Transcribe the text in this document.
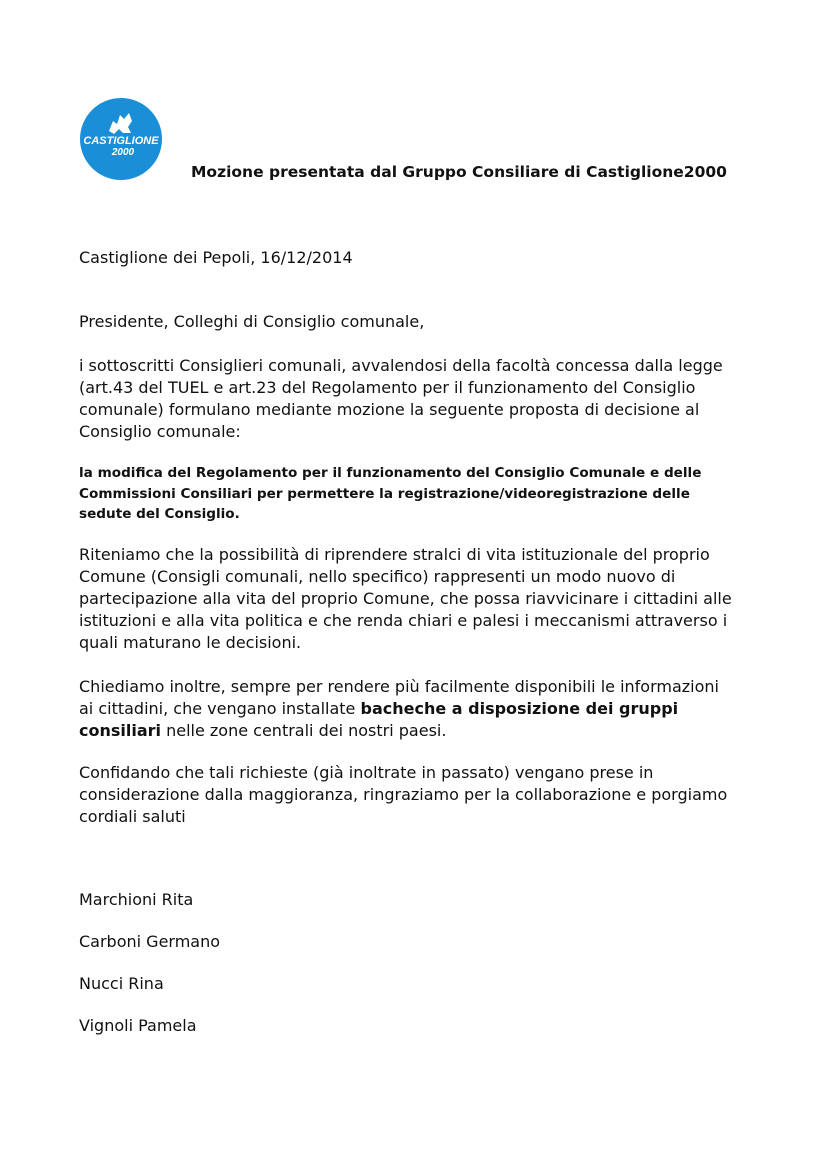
CASTIGLIONE
2000
Mozione presentata dal Gruppo Consiliare di Castiglione2000

Castiglione dei Pepoli, 16/12/2014

Presidente, Colleghi di Consiglio comunale,

i sottoscritti Consiglieri comunali, avvalendosi della facoltà concessa dalla legge
(art.43 del TUEL e art.23 del Regolamento per il funzionamento del Consiglio
comunale) formulano mediante mozione la seguente proposta di decisione al
Consiglio comunale:

la modifica del Regolamento per il funzionamento del Consiglio Comunale e delle
Commissioni Consiliari per permettere la registrazione/videoregistrazione delle
sedute del Consiglio.

Riteniamo che la possibilità di riprendere stralci di vita istituzionale del proprio
Comune (Consigli comunali, nello specifico) rappresenti un modo nuovo di
partecipazione alla vita del proprio Comune, che possa riavvicinare i cittadini alle
istituzioni e alla vita politica e che renda chiari e palesi i meccanismi attraverso i
quali maturano le decisioni.

Chiediamo inoltre, sempre per rendere più facilmente disponibili le informazioni
ai cittadini, che vengano installate bacheche a disposizione dei gruppi
consiliari nelle zone centrali dei nostri paesi.

Confidando che tali richieste (già inoltrate in passato) vengano prese in
considerazione dalla maggioranza, ringraziamo per la collaborazione e porgiamo
cordiali saluti

Marchioni Rita
Carboni Germano
Nucci Rina
Vignoli Pamela
